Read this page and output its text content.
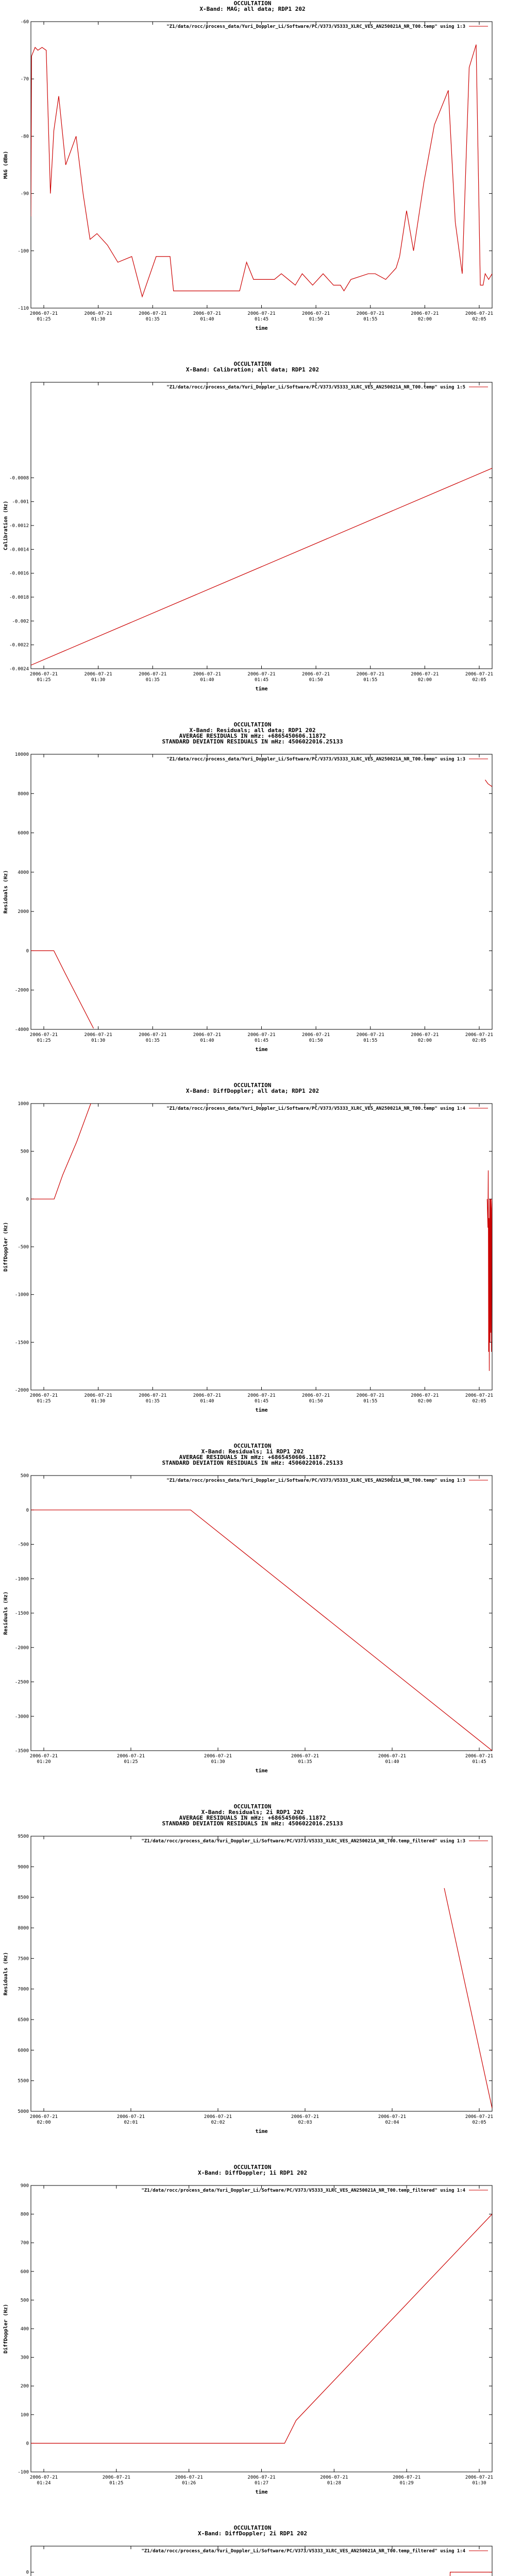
OCCULTATION
X-Band: MAG; all data; RDP1 202
-110
-100
-90
-80
-70
-60
MAG (dBm)
2006-07-21
01:25
2006-07-21
01:30
2006-07-21
01:35
2006-07-21
01:40
2006-07-21
01:45
2006-07-21
01:50
2006-07-21
01:55
2006-07-21
02:00
2006-07-21
02:05
time
"Z1/data/rocc/process_data/Yuri_Doppler_Li/Software/PC/V373/V5333_XLRC_VES_AN250021A_NR_T00.temp" using 1:3
OCCULTATION
X-Band: Calibration; all data; RDP1 202
-0.0024
-0.0022
-0.002
-0.0018
-0.0016
-0.0014
-0.0012
-0.001
-0.0008
Calibration (Hz)
2006-07-21
01:25
2006-07-21
01:30
2006-07-21
01:35
2006-07-21
01:40
2006-07-21
01:45
2006-07-21
01:50
2006-07-21
01:55
2006-07-21
02:00
2006-07-21
02:05
time
"Z1/data/rocc/process_data/Yuri_Doppler_Li/Software/PC/V373/V5333_XLRC_VES_AN250021A_NR_T00.temp" using 1:5
OCCULTATION
X-Band: Residuals; all data; RDP1 202
AVERAGE RESIDUALS IN mHz: +6865450606.11872
STANDARD DEVIATION RESIDUALS IN mHz: 4506022016.25133
-4000
-2000
0
2000
4000
6000
8000
10000
Residuals (Hz)
2006-07-21
01:25
2006-07-21
01:30
2006-07-21
01:35
2006-07-21
01:40
2006-07-21
01:45
2006-07-21
01:50
2006-07-21
01:55
2006-07-21
02:00
2006-07-21
02:05
time
"Z1/data/rocc/process_data/Yuri_Doppler_Li/Software/PC/V373/V5333_XLRC_VES_AN250021A_NR_T00.temp" using 1:3
OCCULTATION
X-Band: DiffDoppler; all data; RDP1 202
-2000
-1500
-1000
-500
0
500
1000
DiffDoppler (Hz)
2006-07-21
01:25
2006-07-21
01:30
2006-07-21
01:35
2006-07-21
01:40
2006-07-21
01:45
2006-07-21
01:50
2006-07-21
01:55
2006-07-21
02:00
2006-07-21
02:05
time
"Z1/data/rocc/process_data/Yuri_Doppler_Li/Software/PC/V373/V5333_XLRC_VES_AN250021A_NR_T00.temp" using 1:4
OCCULTATION
X-Band: Residuals; 1i RDP1 202
AVERAGE RESIDUALS IN mHz: +6865450606.11872
STANDARD DEVIATION RESIDUALS IN mHz: 4506022016.25133
-3500
-3000
-2500
-2000
-1500
-1000
-500
0
500
Residuals (Hz)
2006-07-21
01:20
2006-07-21
01:25
2006-07-21
01:30
2006-07-21
01:35
2006-07-21
01:40
2006-07-21
01:45
time
"Z1/data/rocc/process_data/Yuri_Doppler_Li/Software/PC/V373/V5333_XLRC_VES_AN250021A_NR_T00.temp" using 1:3
OCCULTATION
X-Band: Residuals; 2i RDP1 202
AVERAGE RESIDUALS IN mHz: +6865450606.11872
STANDARD DEVIATION RESIDUALS IN mHz: 4506022016.25133
5000
5500
6000
6500
7000
7500
8000
8500
9000
9500
Residuals (Hz)
2006-07-21
02:00
2006-07-21
02:01
2006-07-21
02:02
2006-07-21
02:03
2006-07-21
02:04
2006-07-21
02:05
time
"Z1/data/rocc/process_data/Yuri_Doppler_Li/Software/PC/V373/V5333_XLRC_VES_AN250021A_NR_T00.temp_filtered" using 1:3
OCCULTATION
X-Band: DiffDoppler; 1i RDP1 202
-100
0
100
200
300
400
500
600
700
800
900
DiffDoppler (Hz)
2006-07-21
01:24
2006-07-21
01:25
2006-07-21
01:26
2006-07-21
01:27
2006-07-21
01:28
2006-07-21
01:29
2006-07-21
01:30
time
"Z1/data/rocc/process_data/Yuri_Doppler_Li/Software/PC/V373/V5333_XLRC_VES_AN250021A_NR_T00.temp_filtered" using 1:4
OCCULTATION
X-Band: DiffDoppler; 2i RDP1 202
0
"Z1/data/rocc/process_data/Yuri_Doppler_Li/Software/PC/V373/V5333_XLRC_VES_AN250021A_NR_T00.temp_filtered" using 1:4
